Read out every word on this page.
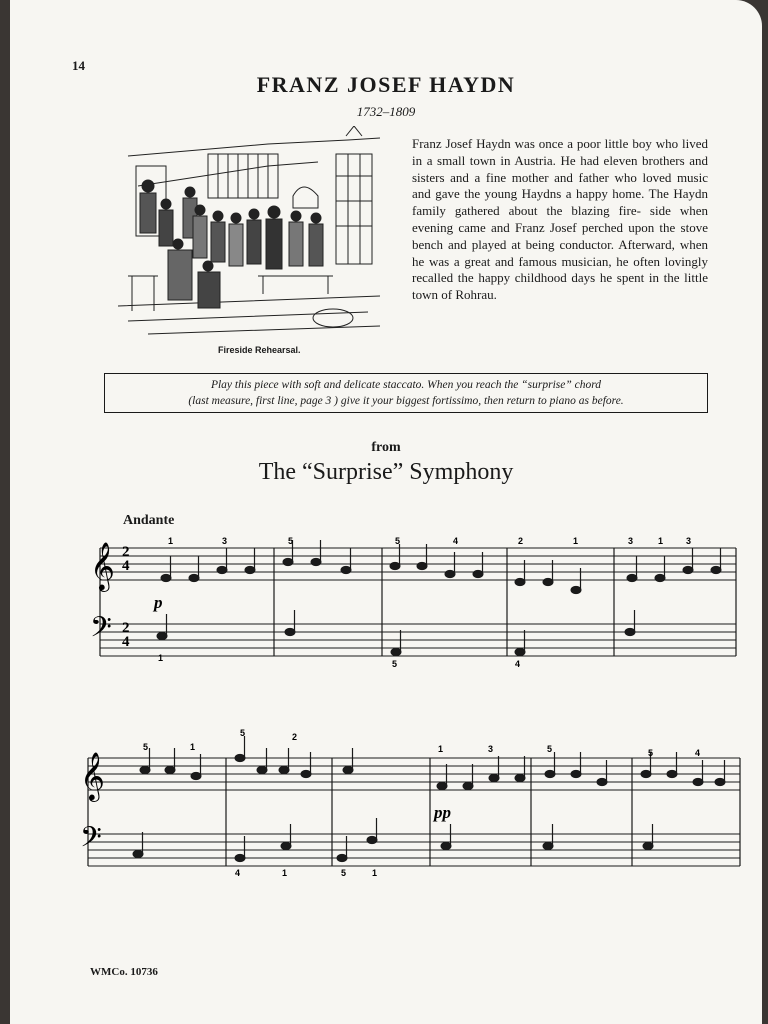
14
FRANZ JOSEF HAYDN
1732–1809
Fireside Rehearsal.

Franz Josef Haydn was once a poor little boy who lived in a small town in Austria. He had eleven brothers and sisters and a fine mother and father who loved music and gave the young Haydns a happy home. The Haydn family gathered about the blazing fire- side when evening came and Franz Josef perched upon the stove bench and played at being conductor. Afterward, when he was a great and famous musician, he often lovingly recalled the happy childhood days he spent in the little town of Rohrau.

Play this piece with soft and delicate staccato. When you reach the “surprise” chord
(last measure, first line, page 3 ) give it your biggest fortissimo, then return to piano as before.
from
The “Surprise” Symphony
Andante
𝄞
𝄢
𝄞
𝄢
2
4
2
4
p
pp
1	3	5	5	4	2	1	3	1	3
1
5	4
5	1
5	2
1	3	5	5	4
4	1	5	1
WMCo. 10736
